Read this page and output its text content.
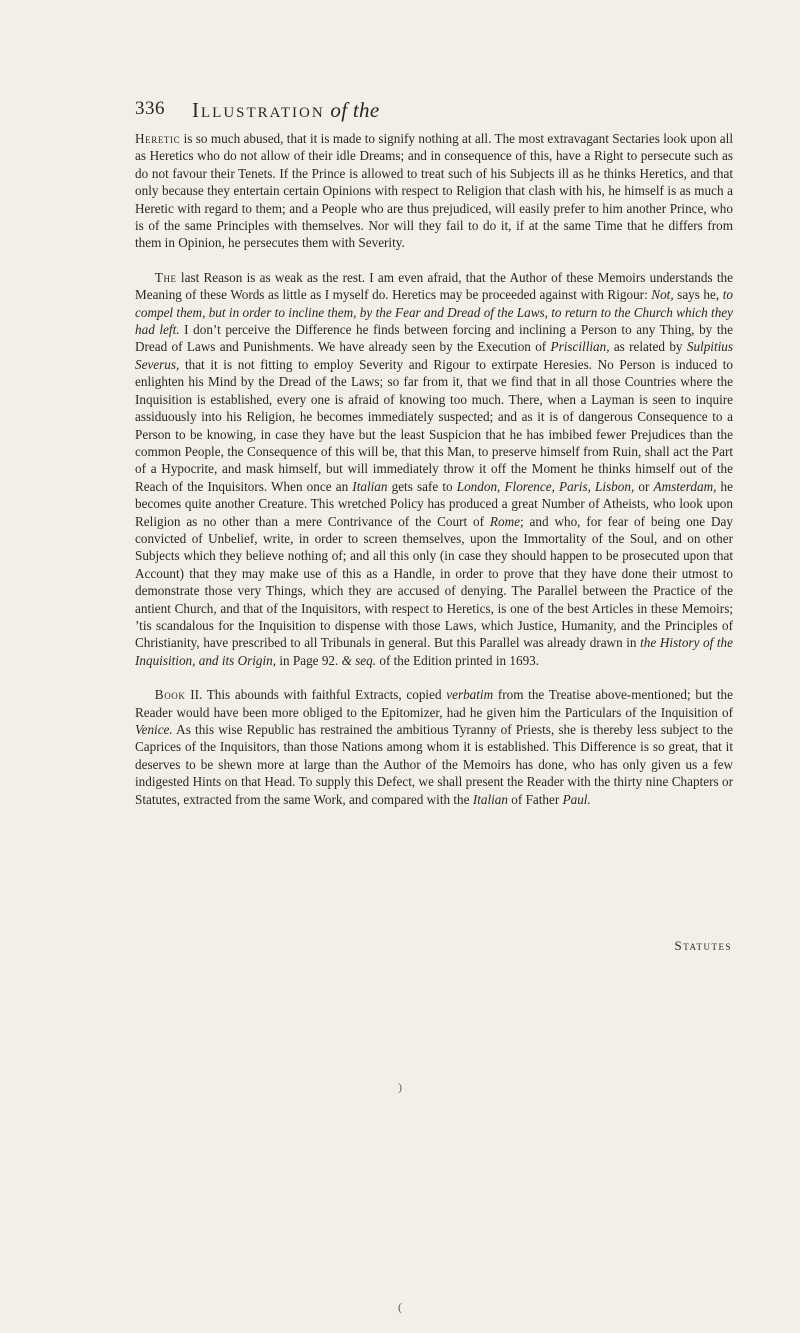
336 Illustration of the

Heretic is so much abused, that it is made to signify nothing at all. The most extravagant Sectaries look upon all as Heretics who do not allow of their idle Dreams; and in consequence of this, have a Right to persecute such as do not favour their Tenets. If the Prince is allowed to treat such of his Subjects ill as he thinks Heretics, and that only because they entertain certain Opinions with respect to Religion that clash with his, he himself is as much a Heretic with regard to them; and a People who are thus prejudiced, will easily prefer to him another Prince, who is of the same Principles with themselves. Nor will they fail to do it, if at the same Time that he differs from them in Opinion, he persecutes them with Severity.

The last Reason is as weak as the rest. I am even afraid, that the Author of these Memoirs understands the Meaning of these Words as little as I myself do. Heretics may be proceeded against with Rigour: Not, says he, to compel them, but in order to incline them, by the Fear and Dread of the Laws, to return to the Church which they had left. I don’t perceive the Difference he finds between forcing and inclining a Person to any Thing, by the Dread of Laws and Punishments. We have already seen by the Execution of Priscillian, as related by Sulpitius Severus, that it is not fitting to employ Severity and Rigour to extirpate Heresies. No Person is induced to enlighten his Mind by the Dread of the Laws; so far from it, that we find that in all those Countries where the Inquisition is established, every one is afraid of knowing too much. There, when a Layman is seen to inquire assiduously into his Religion, he becomes immediately suspected; and as it is of dangerous Consequence to a Person to be knowing, in case they have but the least Suspicion that he has imbibed fewer Prejudices than the common People, the Consequence of this will be, that this Man, to preserve himself from Ruin, shall act the Part of a Hypocrite, and mask himself, but will immediately throw it off the Moment he thinks himself out of the Reach of the Inquisitors. When once an Italian gets safe to London, Florence, Paris, Lisbon, or Amsterdam, he becomes quite another Creature. This wretched Policy has produced a great Number of Atheists, who look upon Religion as no other than a mere Contrivance of the Court of Rome; and who, for fear of being one Day convicted of Unbelief, write, in order to screen themselves, upon the Immortality of the Soul, and on other Subjects which they believe nothing of; and all this only (in case they should happen to be prosecuted upon that Account) that they may make use of this as a Handle, in order to prove that they have done their utmost to demonstrate those very Things, which they are accused of denying. The Parallel between the Practice of the antient Church, and that of the Inquisitors, with respect to Heretics, is one of the best Articles in these Memoirs; ’tis scandalous for the Inquisition to dispense with those Laws, which Justice, Humanity, and the Principles of Christianity, have prescribed to all Tribunals in general. But this Parallel was already drawn in the History of the Inquisition, and its Origin, in Page 92. & seq. of the Edition printed in 1693.

Book II. This abounds with faithful Extracts, copied verbatim from the Treatise above-mentioned; but the Reader would have been more obliged to the Epitomizer, had he given him the Particulars of the Inquisition of Venice. As this wise Republic has restrained the ambitious Tyranny of Priests, she is thereby less subject to the Caprices of the Inquisitors, than those Nations among whom it is established. This Difference is so great, that it deserves to be shewn more at large than the Author of the Memoirs has done, who has only given us a few indigested Hints on that Head. To supply this Defect, we shall present the Reader with the thirty nine Chapters or Statutes, extracted from the same Work, and compared with the Italian of Father Paul.

Statutes
)
(
